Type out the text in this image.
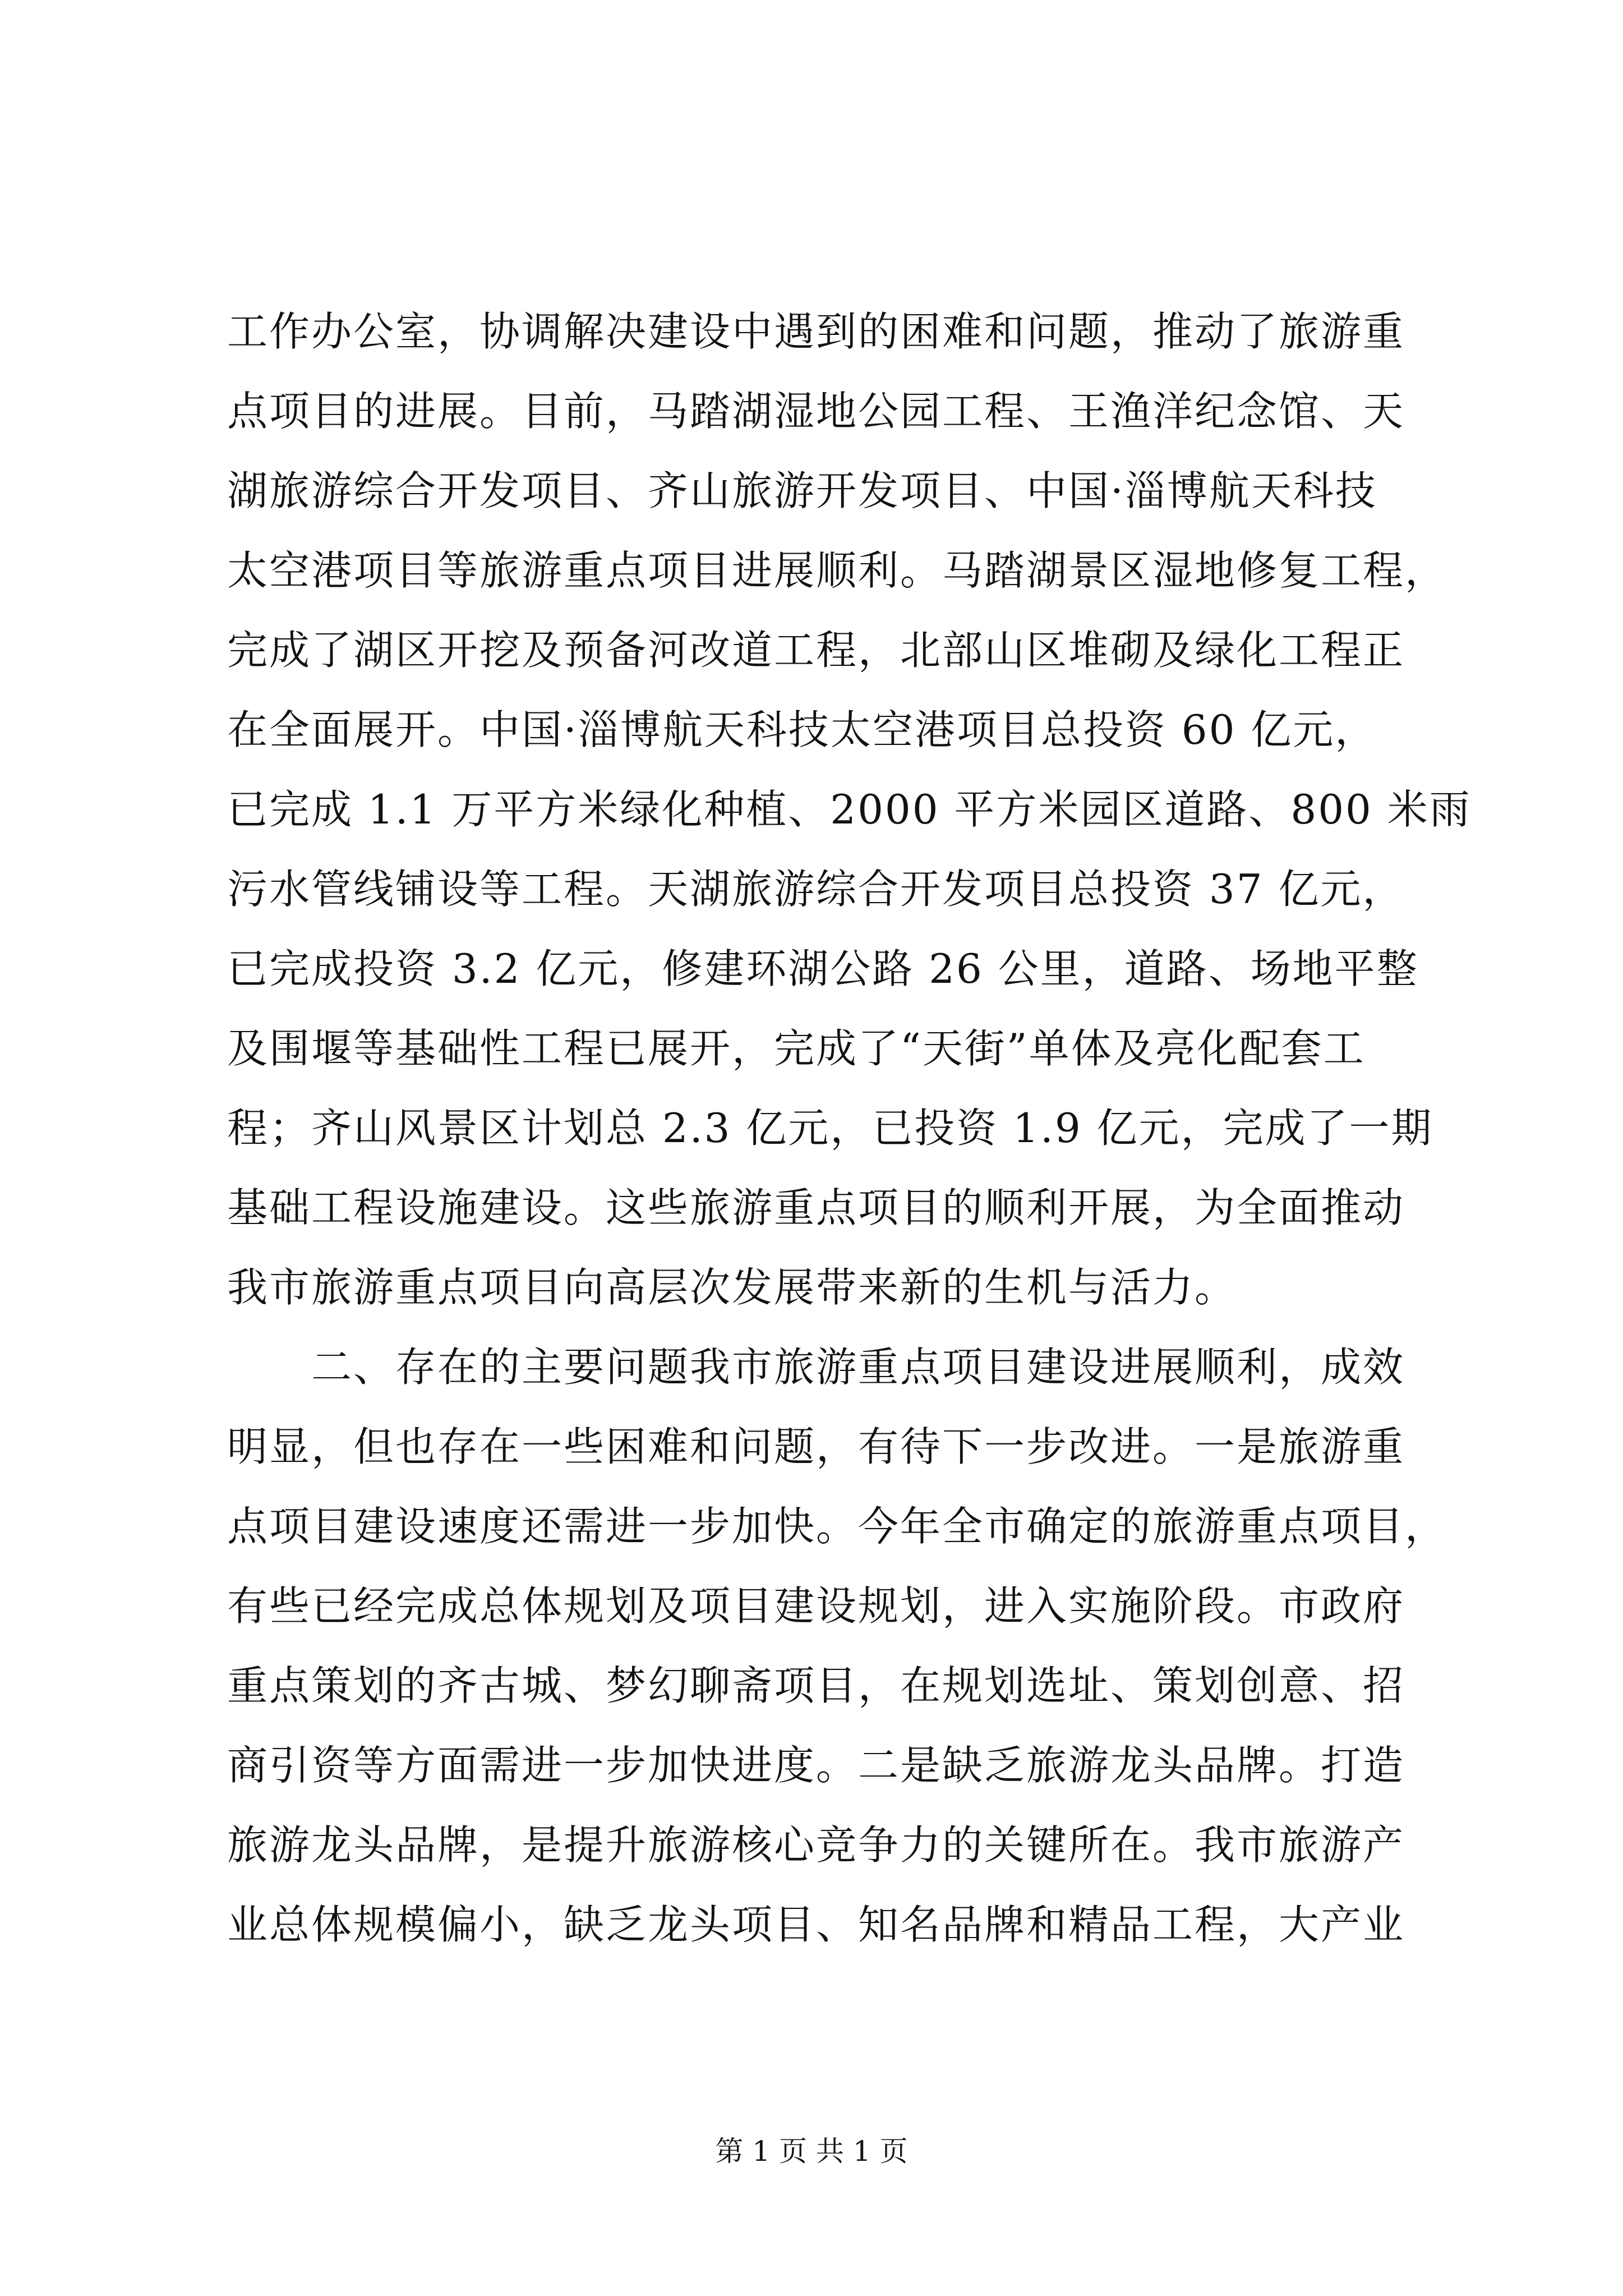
工作办公室，协调解决建设中遇到的困难和问题，推动了旅游重
点项目的进展。目前，马踏湖湿地公园工程、王渔洋纪念馆、天
湖旅游综合开发项目、齐山旅游开发项目、中国·淄博航天科技
太空港项目等旅游重点项目进展顺利。马踏湖景区湿地修复工程，
完成了湖区开挖及预备河改道工程，北部山区堆砌及绿化工程正
在全面展开。中国·淄博航天科技太空港项目总投资 60 亿元，
已完成 1.1 万平方米绿化种植、2000 平方米园区道路、800 米雨
污水管线铺设等工程。天湖旅游综合开发项目总投资 37 亿元，
已完成投资 3.2 亿元，修建环湖公路 26 公里，道路、场地平整
及围堰等基础性工程已展开，完成了“天街”单体及亮化配套工
程；齐山风景区计划总 2.3 亿元，已投资 1.9 亿元，完成了一期
基础工程设施建设。这些旅游重点项目的顺利开展，为全面推动
我市旅游重点项目向高层次发展带来新的生机与活力。
　　二、存在的主要问题我市旅游重点项目建设进展顺利，成效
明显，但也存在一些困难和问题，有待下一步改进。一是旅游重
点项目建设速度还需进一步加快。今年全市确定的旅游重点项目，
有些已经完成总体规划及项目建设规划，进入实施阶段。市政府
重点策划的齐古城、梦幻聊斋项目，在规划选址、策划创意、招
商引资等方面需进一步加快进度。二是缺乏旅游龙头品牌。打造
旅游龙头品牌，是提升旅游核心竞争力的关键所在。我市旅游产
业总体规模偏小，缺乏龙头项目、知名品牌和精品工程，大产业
第 1 页 共 1 页
